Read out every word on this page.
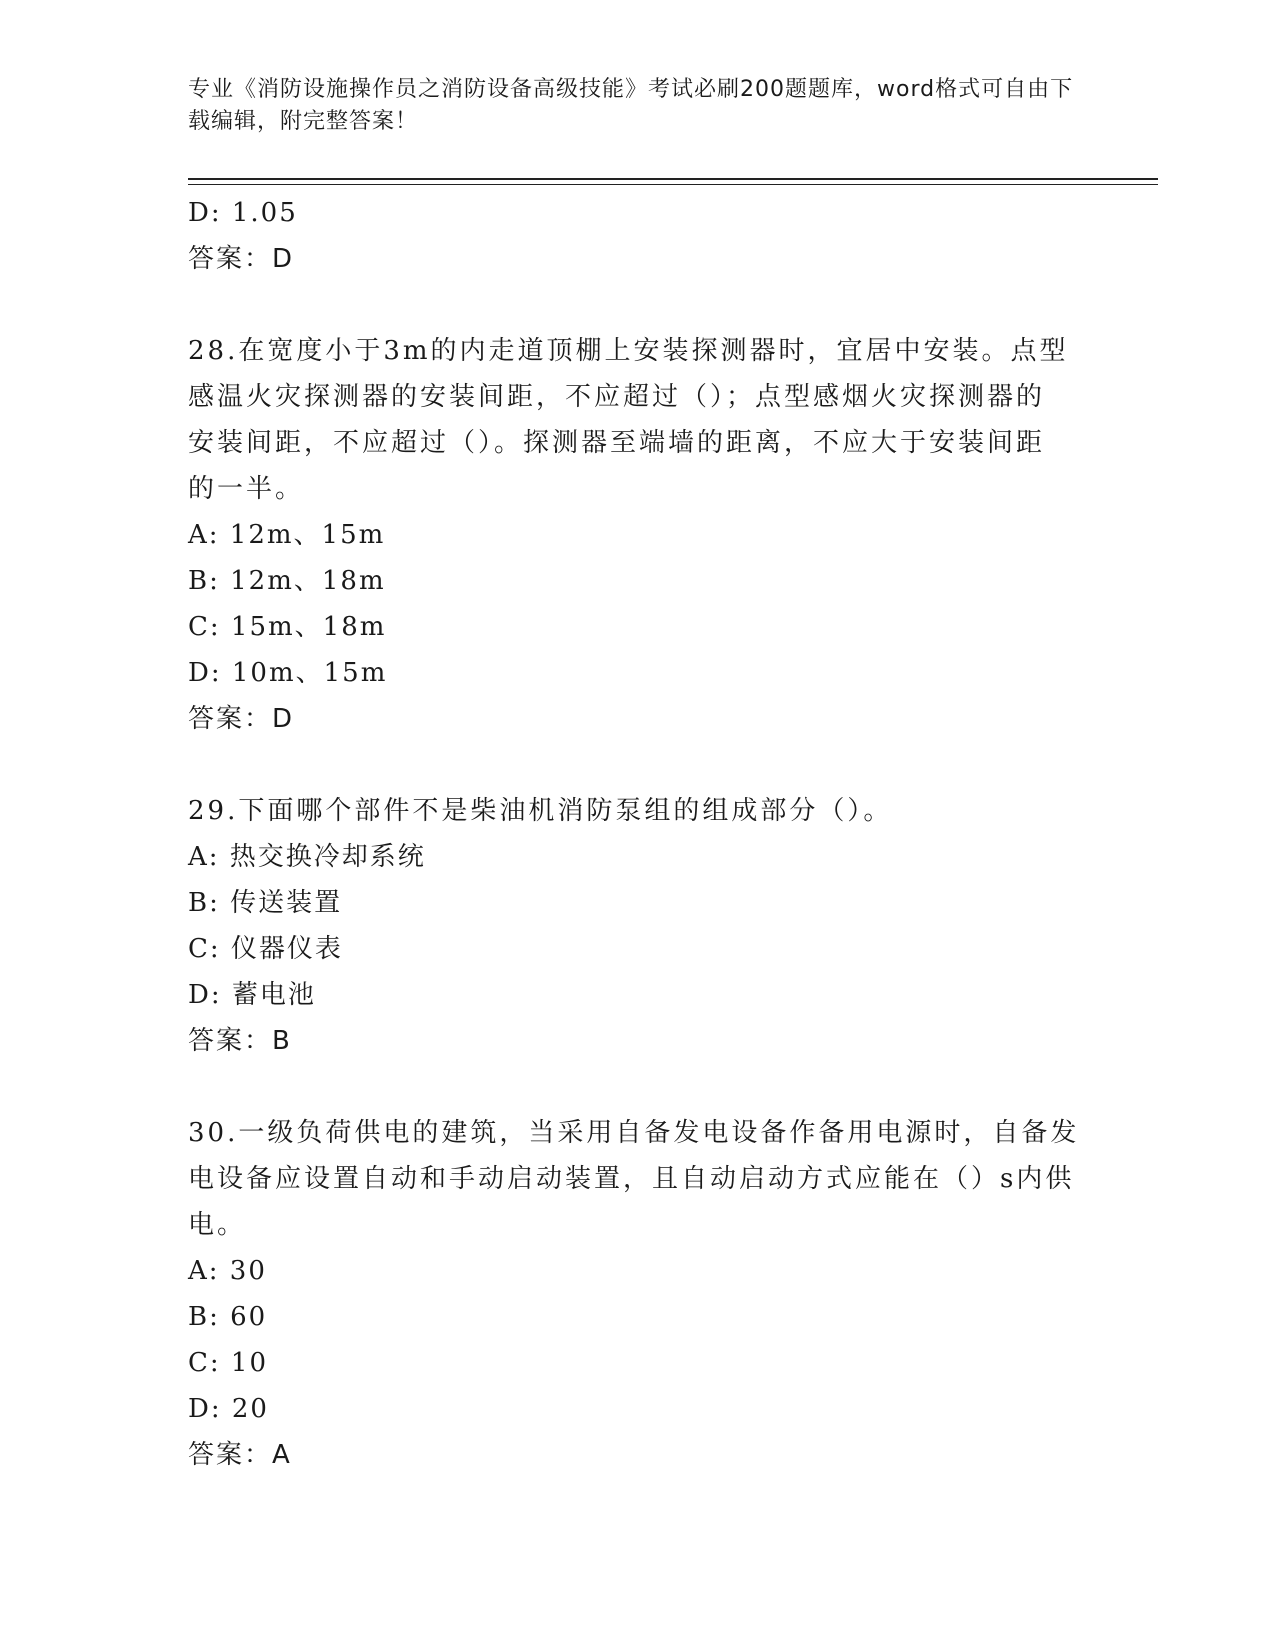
专业《消防设施操作员之消防设备高级技能》考试必刷200题题库，word格式可自由下载编辑，附完整答案！
D: 1.05
答案：D
28.在宽度小于3m的内走道顶棚上安装探测器时，宜居中安装。点型
感温火灾探测器的安装间距，不应超过（）；点型感烟火灾探测器的
安装间距，不应超过（）。探测器至端墙的距离，不应大于安装间距
的一半。
A: 12m、15m
B: 12m、18m
C: 15m、18m
D: 10m、15m
答案：D
29.下面哪个部件不是柴油机消防泵组的组成部分（）。
A: 热交换冷却系统
B: 传送装置
C: 仪器仪表
D: 蓄电池
答案：B
30.一级负荷供电的建筑，当采用自备发电设备作备用电源时，自备发
电设备应设置自动和手动启动装置，且自动启动方式应能在（）s内供
电。
A: 30
B: 60
C: 10
D: 20
答案：A
